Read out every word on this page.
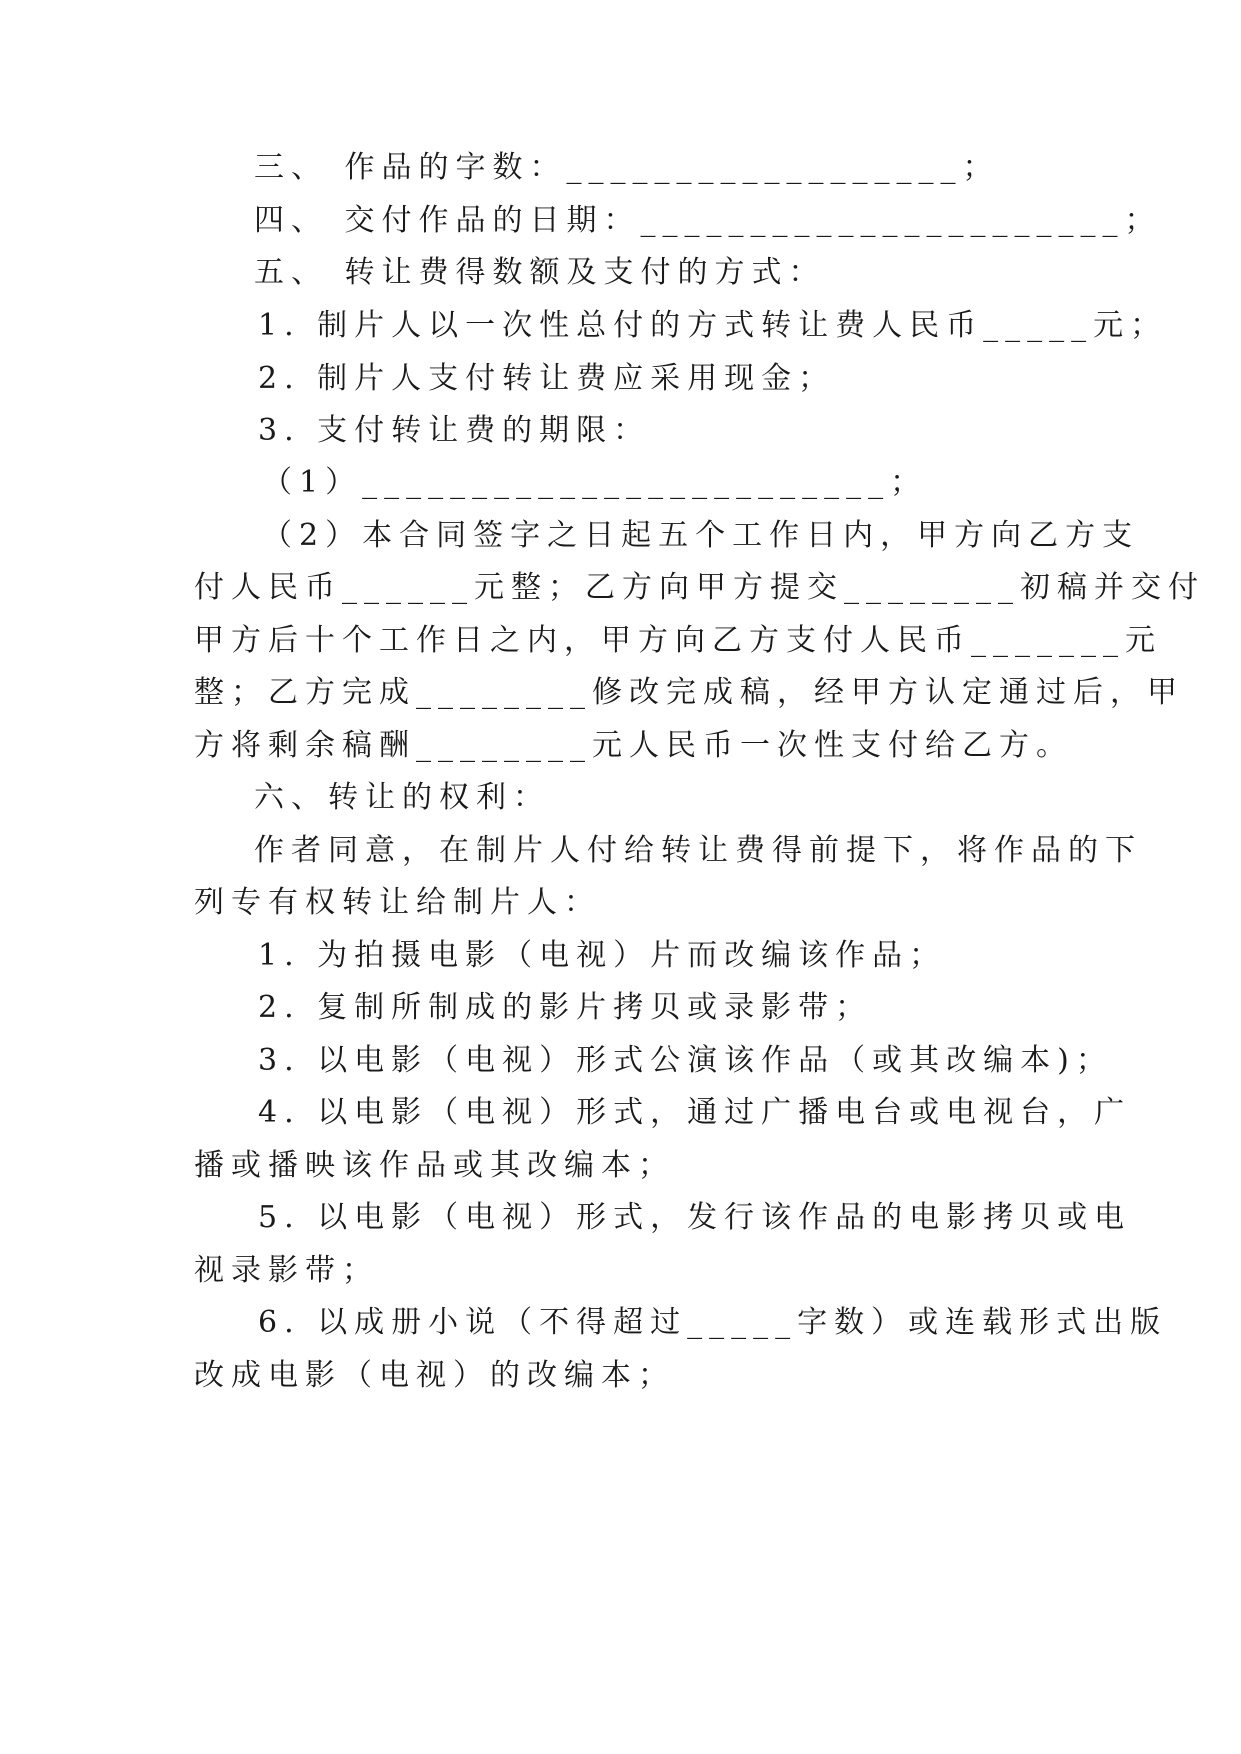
三、 作品的字数：__________________；
四、 交付作品的日期：______________________；
五、 转让费得数额及支付的方式：
1. 制片人以一次性总付的方式转让费人民币_____元；
2. 制片人支付转让费应采用现金；
3. 支付转让费的期限：
（1）________________________；
（2）本合同签字之日起五个工作日内，甲方向乙方支
付人民币______元整；乙方向甲方提交________初稿并交付
甲方后十个工作日之内，甲方向乙方支付人民币_______元
整；乙方完成________修改完成稿，经甲方认定通过后，甲
方将剩余稿酬________元人民币一次性支付给乙方。
六、转让的权利：
作者同意，在制片人付给转让费得前提下，将作品的下
列专有权转让给制片人：
1. 为拍摄电影（电视）片而改编该作品；
2. 复制所制成的影片拷贝或录影带；
3. 以电影（电视）形式公演该作品（或其改编本)；
4. 以电影（电视）形式，通过广播电台或电视台，广
播或播映该作品或其改编本；
5. 以电影（电视）形式，发行该作品的电影拷贝或电
视录影带；
6. 以成册小说（不得超过_____字数）或连载形式出版
改成电影（电视）的改编本；
